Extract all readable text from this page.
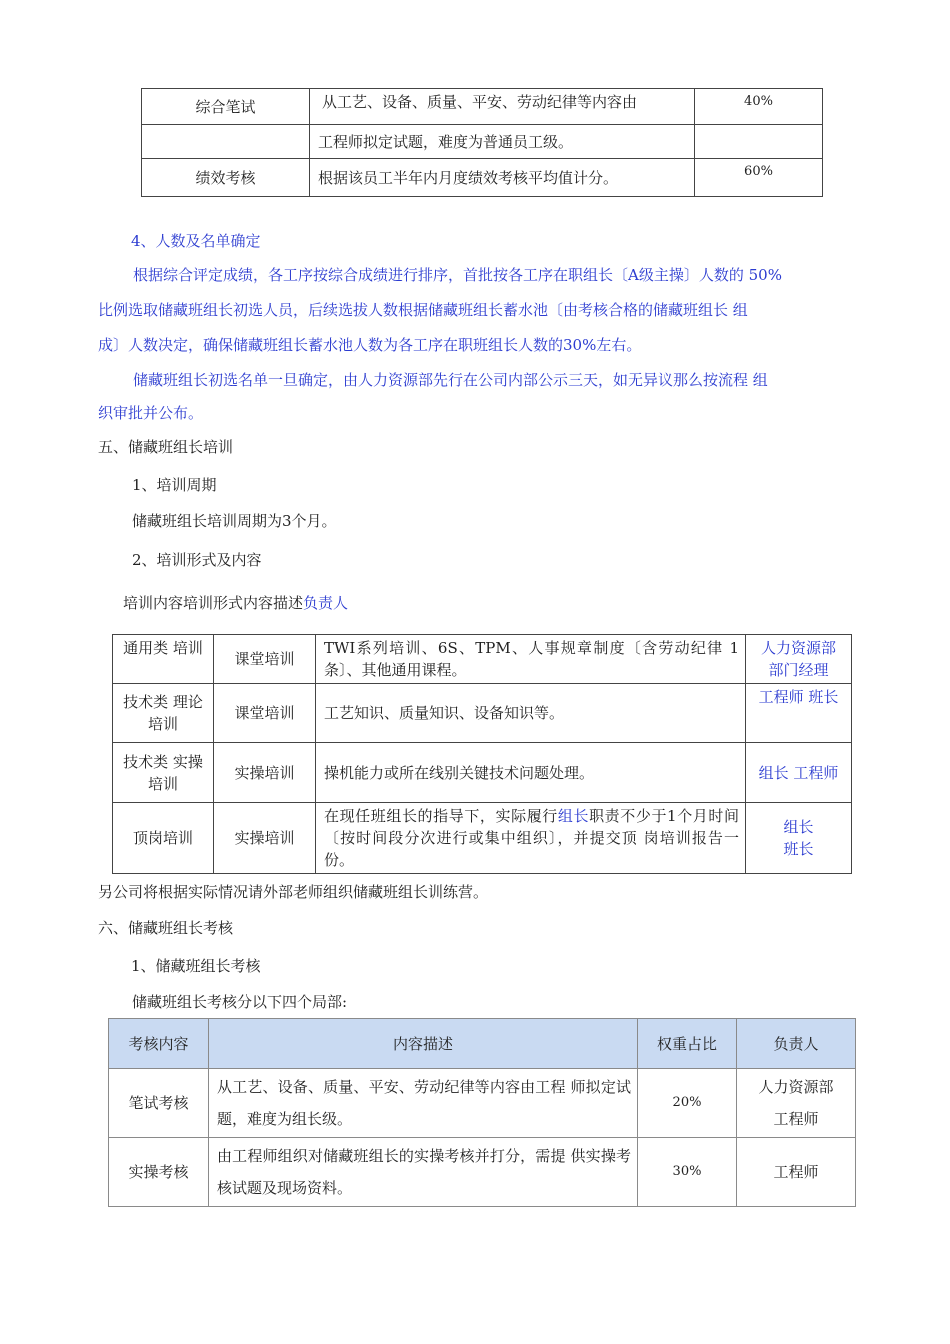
综合笔试	从工艺、设备、质量、平安、劳动纪律等内容由	40%
	工程师拟定试题，难度为普通员工级。	
绩效考核	根据该员工半年内月度绩效考核平均值计分。	60%
4、人数及名单确定
根据综合评定成绩，各工序按综合成绩进行排序，首批按各工序在职组长〔A级主操〕人数的 50%
比例选取储藏班组长初选人员，后续选拔人数根据储藏班组长蓄水池〔由考核合格的储藏班组长 组
成〕人数决定，确保储藏班组长蓄水池人数为各工序在职班组长人数的30%左右。
储藏班组长初选名单一旦确定，由人力资源部先行在公司内部公示三天，如无异议那么按流程 组
织审批并公布。
五、储藏班组长培训
1、培训周期
储藏班组长培训周期为3个月。
2、培训形式及内容
培训内容培训形式内容描述负责人
通用类 培训	课堂培训	TWI系列培训、6S、TPM、人事规章制度〔含劳动纪律 1条〕、其他通用课程。	人力资源部
部门经理
技术类 理论培训	课堂培训	工艺知识、质量知识、设备知识等。	工程师 班长
技术类 实操培训	实操培训	操机能力或所在线别关键技术问题处理。	组长 工程师
顶岗培训	实操培训	在现任班组长的指导下，实际履行组长职责不少于1个月时间〔按时间段分次进行或集中组织〕，并提交顶 岗培训报告一份。	组长
班长
另公司将根据实际情况请外部老师组织储藏班组长训练营。
六、储藏班组长考核
1、储藏班组长考核
储藏班组长考核分以下四个局部:
考核内容	内容描述	权重占比	负责人
笔试考核	从工艺、设备、质量、平安、劳动纪律等内容由工程 师拟定试题，难度为组长级。	20%	人力资源部
工程师
实操考核	由工程师组织对储藏班组长的实操考核并打分，需提 供实操考核试题及现场资料。	30%	工程师
